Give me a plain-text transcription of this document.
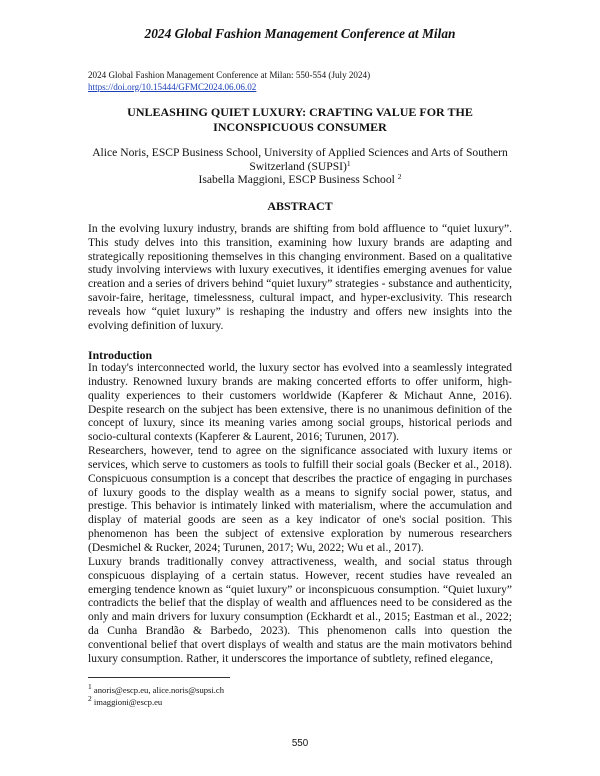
2024 Global Fashion Management Conference at Milan
2024 Global Fashion Management Conference at Milan: 550-554 (July 2024)
https://doi.org/10.15444/GFMC2024.06.06.02
UNLEASHING QUIET LUXURY: CRAFTING VALUE FOR THE
INCONSPICUOUS CONSUMER
Alice Noris, ESCP Business School, University of Applied Sciences and Arts of Southern Switzerland (SUPSI)$^1$
Isabella Maggioni, ESCP Business School $^2$
ABSTRACT

In the evolving luxury industry, brands are shifting from bold affluence to “quiet luxury”. This study delves into this transition, examining how luxury brands are adapting and strategically repositioning themselves in this changing environment. Based on a qualitative study involving interviews with luxury executives, it identifies emerging avenues for value creation and a series of drivers behind “quiet luxury” strategies - substance and authenticity, savoir-faire, heritage, timelessness, cultural impact, and hyper-exclusivity. This research reveals how “quiet luxury” is reshaping the industry and offers new insights into the evolving definition of luxury.

Introduction

In today's interconnected world, the luxury sector has evolved into a seamlessly integrated industry. Renowned luxury brands are making concerted efforts to offer uniform, high-quality experiences to their customers worldwide (Kapferer & Michaut Anne, 2016). Despite research on the subject has been extensive, there is no unanimous definition of the concept of luxury, since its meaning varies among social groups, historical periods and socio-cultural contexts (Kapferer & Laurent, 2016; Turunen, 2017).

Researchers, however, tend to agree on the significance associated with luxury items or services, which serve to customers as tools to fulfill their social goals (Becker et al., 2018). Conspicuous consumption is a concept that describes the practice of engaging in purchases of luxury goods to the display wealth as a means to signify social power, status, and prestige. This behavior is intimately linked with materialism, where the accumulation and display of material goods are seen as a key indicator of one's social position. This phenomenon has been the subject of extensive exploration by numerous researchers (Desmichel & Rucker, 2024; Turunen, 2017; Wu, 2022; Wu et al., 2017).

Luxury brands traditionally convey attractiveness, wealth, and social status through conspicuous displaying of a certain status. However, recent studies have revealed an emerging tendence known as “quiet luxury” or inconspicuous consumption. “Quiet luxury” contradicts the belief that the display of wealth and affluences need to be considered as the only and main drivers for luxury consumption (Eckhardt et al., 2015; Eastman et al., 2022; da Cunha Brandão & Barbedo, 2023). This phenomenon calls into question the conventional belief that overt displays of wealth and status are the main motivators behind luxury consumption. Rather, it underscores the importance of subtlety, refined elegance,

1 anoris@escp.eu, alice.noris@supsi.ch
2 imaggioni@escp.eu
550
